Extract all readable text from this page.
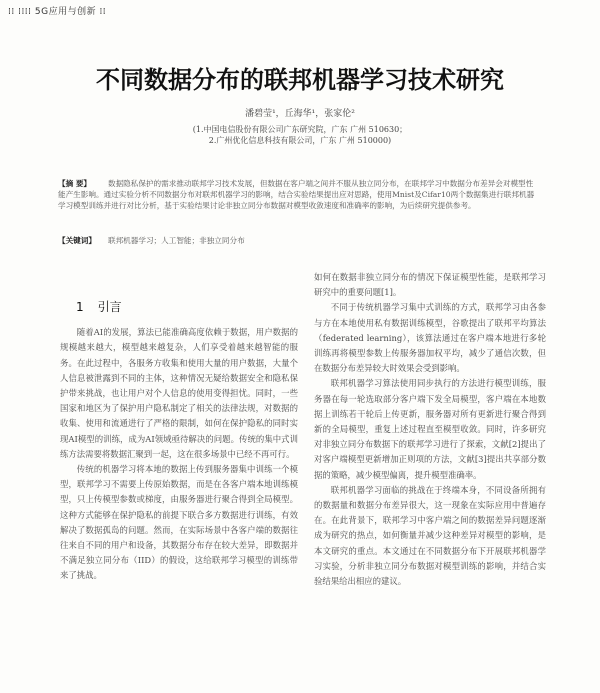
⁞⁞ ⁞⁞⁞⁞ 5G应用与创新 ⁞⁞
不同数据分布的联邦机器学习技术研究
潘碧莹¹，丘海华¹，张家伦²
(1.中国电信股份有限公司广东研究院，广东 广州 510630；
2.广州优化信息科技有限公司，广东 广州 510000)
【摘 要】 数据隐私保护的需求推动联邦学习技术发展，但数据在客户端之间并不服从独立同分布，在联邦学习中数据分布差异会对模型性能产生影响。通过实验分析不同数据分布对联邦机器学习的影响，结合实验结果提出应对思路，使用Mnist及Cifar10两个数据集进行联邦机器学习模型训练并进行对比分析，基于实验结果讨论非独立同分布数据对模型收敛速度和准确率的影响，为后续研究提供参考。
【关键词】 联邦机器学习；人工智能；非独立同分布
1 引言

随着AI的发展，算法已能准确高度依赖于数据，用户数据的规模越来越大，模型越来越复杂，人们享受着越来越智能的服务。在此过程中，各服务方收集和使用大量的用户数据，大量个人信息被泄露到不同的主体，这种情况无疑给数据安全和隐私保护带来挑战，也让用户对个人信息的使用变得担忧。同时，一些国家和地区为了保护用户隐私制定了相关的法律法规，对数据的收集、使用和流通进行了严格的限制，如何在保护隐私的同时实现AI模型的训练，成为AI领域亟待解决的问题。传统的集中式训练方法需要将数据汇聚到一起，这在很多场景中已经不再可行。

传统的机器学习将本地的数据上传到服务器集中训练一个模型，联邦学习不需要上传原始数据，而是在各客户端本地训练模型，只上传模型参数或梯度，由服务器进行聚合得到全局模型。这种方式能够在保护隐私的前提下联合多方数据进行训练，有效解决了数据孤岛的问题。然而，在实际场景中各客户端的数据往往来自不同的用户和设备，其数据分布存在较大差异，即数据并不满足独立同分布（IID）的假设，这给联邦学习模型的训练带来了挑战。

如何在数据非独立同分布的情况下保证模型性能，是联邦学习研究中的重要问题[1]。

不同于传统机器学习集中式训练的方式，联邦学习由各参与方在本地使用私有数据训练模型，谷歌提出了联邦平均算法（federated learning），该算法通过在客户端本地进行多轮训练再将模型参数上传服务器加权平均，减少了通信次数，但在数据分布差异较大时效果会受到影响。

联邦机器学习算法使用同步执行的方法进行模型训练，服务器在每一轮选取部分客户端下发全局模型，客户端在本地数据上训练若干轮后上传更新，服务器对所有更新进行聚合得到新的全局模型，重复上述过程直至模型收敛。同时，许多研究对非独立同分布数据下的联邦学习进行了探索，文献[2]提出了对客户端模型更新增加正则项的方法，文献[3]提出共享部分数据的策略，减少模型偏离，提升模型准确率。

联邦机器学习面临的挑战在于终端本身，不同设备所拥有的数据量和数据分布差异很大，这一现象在实际应用中普遍存在。在此背景下，联邦学习中客户端之间的数据差异问题逐渐成为研究的热点，如何衡量并减少这种差异对模型的影响，是本文研究的重点。本文通过在不同数据分布下开展联邦机器学习实验，分析非独立同分布数据对模型训练的影响，并结合实验结果给出相应的建议。
